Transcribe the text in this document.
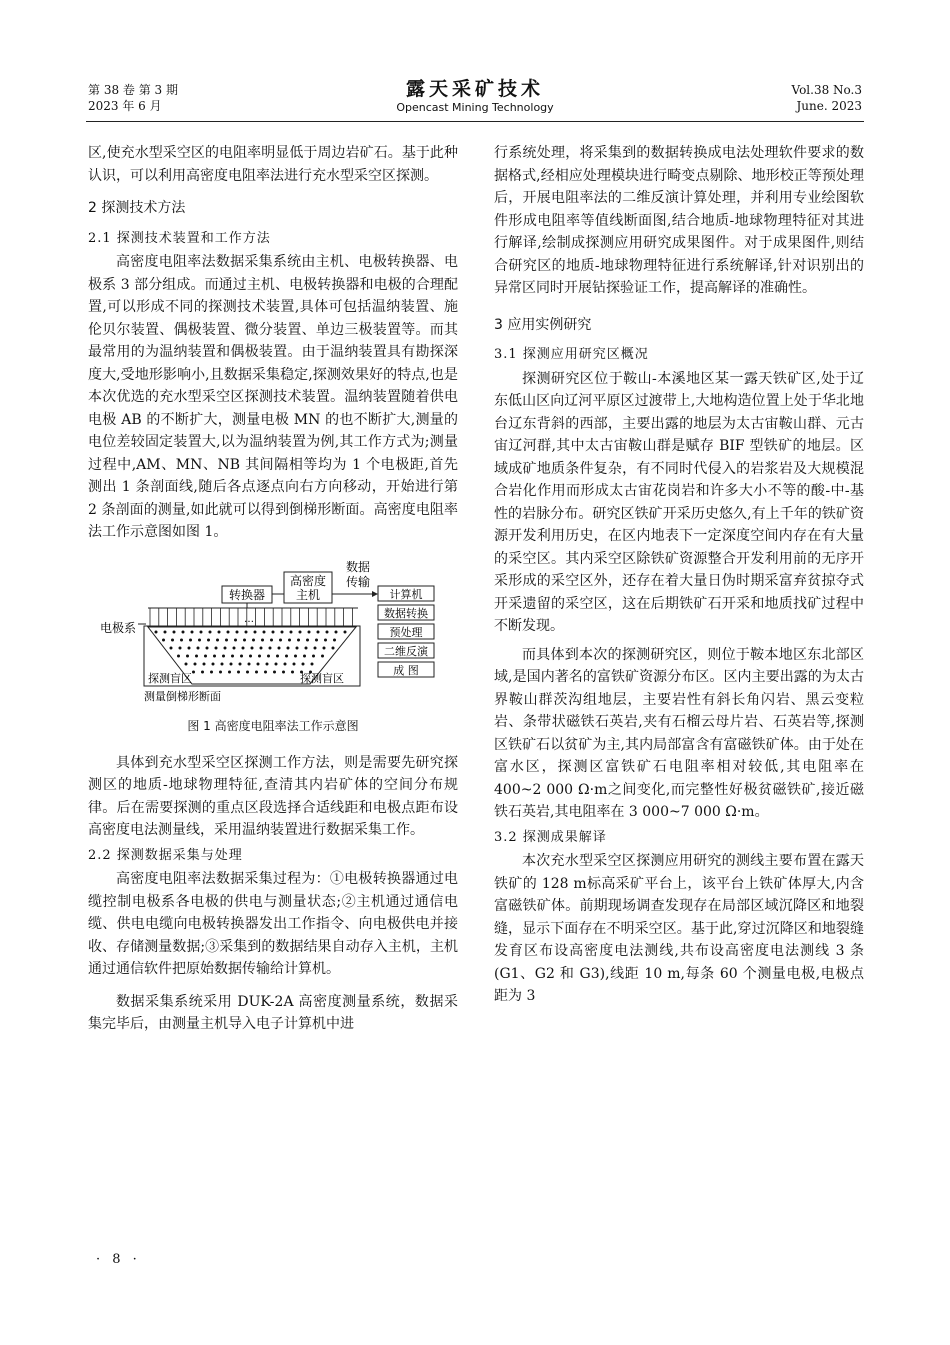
第 38 卷 第 3 期
2023 年 6 月
露天采矿技术
Opencast Mining Technology
Vol.38 No.3
June. 2023

区,使充水型采空区的电阻率明显低于周边岩矿石。基于此种认识，可以利用高密度电阻率法进行充水型采空区探测。

2 探测技术方法
2.1 探测技术装置和工作方法

高密度电阻率法数据采集系统由主机、电极转换器、电极系 3 部分组成。而通过主机、电极转换器和电极的合理配置,可以形成不同的探测技术装置,具体可包括温纳装置、施伦贝尔装置、偶极装置、微分装置、单边三极装置等。而其最常用的为温纳装置和偶极装置。由于温纳装置具有勘探深度大,受地形影响小,且数据采集稳定,探测效果好的特点,也是本次优选的充水型采空区探测技术装置。温纳装置随着供电电极 AB 的不断扩大，测量电极 MN 的也不断扩大,测量的电位差较固定装置大,以为温纳装置为例,其工作方式为;测量过程中,AM、MN、NB 其间隔相等均为 1 个电极距,首先测出 1 条剖面线,随后各点逐点向右方向移动，开始进行第 2 条剖面的测量,如此就可以得到倒梯形断面。高密度电阻率法工作示意图如图 1。

转换器
高密度
主机
数据
传输
…
电极系
探测盲区	探测盲区
测量倒梯形断面
计算机
数据转换
预处理
二维反演
成 图
图 1 高密度电阻率法工作示意图

具体到充水型采空区探测工作方法，则是需要先研究探测区的地质-地球物理特征,查清其内岩矿体的空间分布规律。后在需要探测的重点区段选择合适线距和电极点距布设高密度电法测量线，采用温纳装置进行数据采集工作。

2.2 探测数据采集与处理

高密度电阻率法数据采集过程为：①电极转换器通过电缆控制电极系各电极的供电与测量状态;②主机通过通信电缆、供电电缆向电极转换器发出工作指令、向电极供电并接收、存储测量数据;③采集到的数据结果自动存入主机，主机通过通信软件把原始数据传输给计算机。

数据采集系统采用 DUK-2A 高密度测量系统，数据采集完毕后，由测量主机导入电子计算机中进

行系统处理，将采集到的数据转换成电法处理软件要求的数据格式,经相应处理模块进行畸变点剔除、地形校正等预处理后，开展电阻率法的二维反演计算处理，并利用专业绘图软件形成电阻率等值线断面图,结合地质-地球物理特征对其进行解译,绘制成探测应用研究成果图件。对于成果图件,则结合研究区的地质-地球物理特征进行系统解译,针对识别出的异常区同时开展钻探验证工作，提高解译的准确性。

3 应用实例研究
3.1 探测应用研究区概况

探测研究区位于鞍山-本溪地区某一露天铁矿区,处于辽东低山区向辽河平原区过渡带上,大地构造位置上处于华北地台辽东背斜的西部，主要出露的地层为太古宙鞍山群、元古宙辽河群,其中太古宙鞍山群是赋存 BIF 型铁矿的地层。区域成矿地质条件复杂，有不同时代侵入的岩浆岩及大规模混合岩化作用而形成太古宙花岗岩和许多大小不等的酸-中-基性的岩脉分布。研究区铁矿开采历史悠久,有上千年的铁矿资源开发利用历史，在区内地表下一定深度空间内存在有大量的采空区。其内采空区除铁矿资源整合开发利用前的无序开采形成的采空区外，还存在着大量日伪时期采富弃贫掠夺式开采遗留的采空区，这在后期铁矿石开采和地质找矿过程中不断发现。

而具体到本次的探测研究区，则位于鞍本地区东北部区域,是国内著名的富铁矿资源分布区。区内主要出露的为太古界鞍山群茨沟组地层，主要岩性有斜长角闪岩、黑云变粒岩、条带状磁铁石英岩,夹有石榴云母片岩、石英岩等,探测区铁矿石以贫矿为主,其内局部富含有富磁铁矿体。由于处在富水区，探测区富铁矿石电阻率相对较低,其电阻率在 400~2 000 Ω·m之间变化,而完整性好极贫磁铁矿,接近磁铁石英岩,其电阻率在 3 000~7 000 Ω·m。

3.2 探测成果解译

本次充水型采空区探测应用研究的测线主要布置在露天铁矿的 128 m标高采矿平台上，该平台上铁矿体厚大,内含富磁铁矿体。前期现场调查发现存在局部区域沉降区和地裂缝，显示下面存在不明采空区。基于此,穿过沉降区和地裂缝发育区布设高密度电法测线,共布设高密度电法测线 3 条(G1、G2 和 G3),线距 10 m,每条 60 个测量电极,电极点距为 3

· 8 ·
